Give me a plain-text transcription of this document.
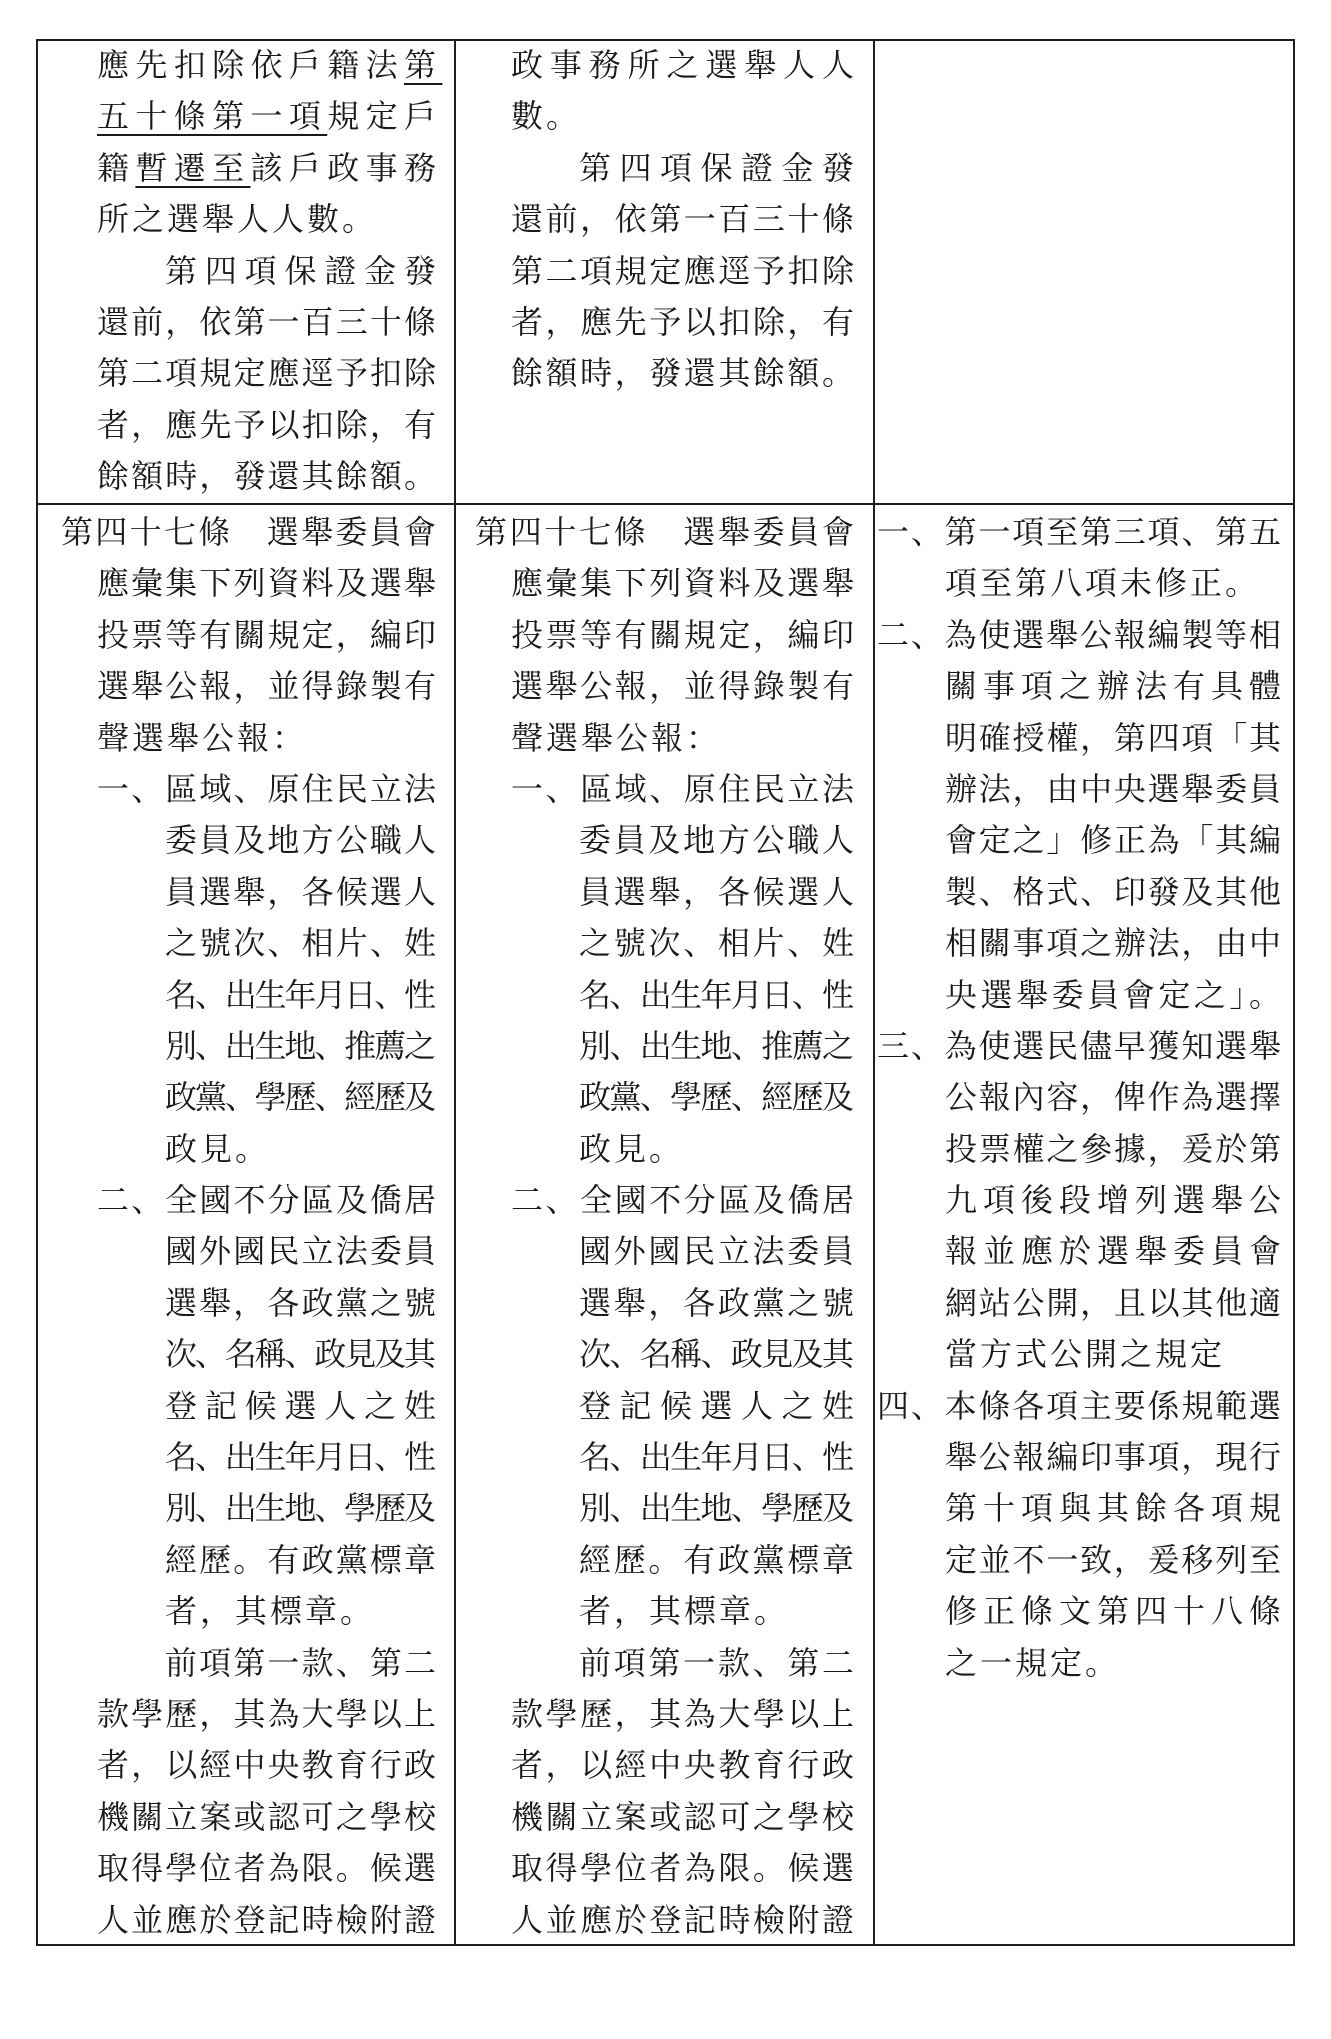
應先扣除依戶籍法第
五十條第一項規定戶
籍暫遷至該戶政事務
所之選舉人人數。
第四項保證金發
還前，依第一百三十條
第二項規定應逕予扣除
者，應先予以扣除，有
餘額時，發還其餘額。
政事務所之選舉人人
數。
第四項保證金發
還前，依第一百三十條
第二項規定應逕予扣除
者，應先予以扣除，有
餘額時，發還其餘額。
第四十七條　選舉委員會
應彙集下列資料及選舉
投票等有關規定，編印
選舉公報，並得錄製有
聲選舉公報：
一、區域、原住民立法
委員及地方公職人
員選舉，各候選人
之號次、相片、姓
名、出生年月日、性
別、出生地、推薦之
政黨、學歷、經歷及
政見。
二、全國不分區及僑居
國外國民立法委員
選舉，各政黨之號
次、名稱、政見及其
登記候選人之姓
名、出生年月日、性
別、出生地、學歷及
經歷。有政黨標章
者，其標章。
前項第一款、第二
款學歷，其為大學以上
者，以經中央教育行政
機關立案或認可之學校
取得學位者為限。候選
人並應於登記時檢附證
第四十七條　選舉委員會
應彙集下列資料及選舉
投票等有關規定，編印
選舉公報，並得錄製有
聲選舉公報：
一、區域、原住民立法
委員及地方公職人
員選舉，各候選人
之號次、相片、姓
名、出生年月日、性
別、出生地、推薦之
政黨、學歷、經歷及
政見。
二、全國不分區及僑居
國外國民立法委員
選舉，各政黨之號
次、名稱、政見及其
登記候選人之姓
名、出生年月日、性
別、出生地、學歷及
經歷。有政黨標章
者，其標章。
前項第一款、第二
款學歷，其為大學以上
者，以經中央教育行政
機關立案或認可之學校
取得學位者為限。候選
人並應於登記時檢附證
一、第一項至第三項、第五
項至第八項未修正。
二、為使選舉公報編製等相
關事項之辦法有具體
明確授權，第四項「其
辦法，由中央選舉委員
會定之」修正為「其編
製、格式、印發及其他
相關事項之辦法，由中
央選舉委員會定之」。
三、為使選民儘早獲知選舉
公報內容，俾作為選擇
投票權之參據，爰於第
九項後段增列選舉公
報並應於選舉委員會
網站公開，且以其他適
當方式公開之規定
四、本條各項主要係規範選
舉公報編印事項，現行
第十項與其餘各項規
定並不一致，爰移列至
修正條文第四十八條
之一規定。
